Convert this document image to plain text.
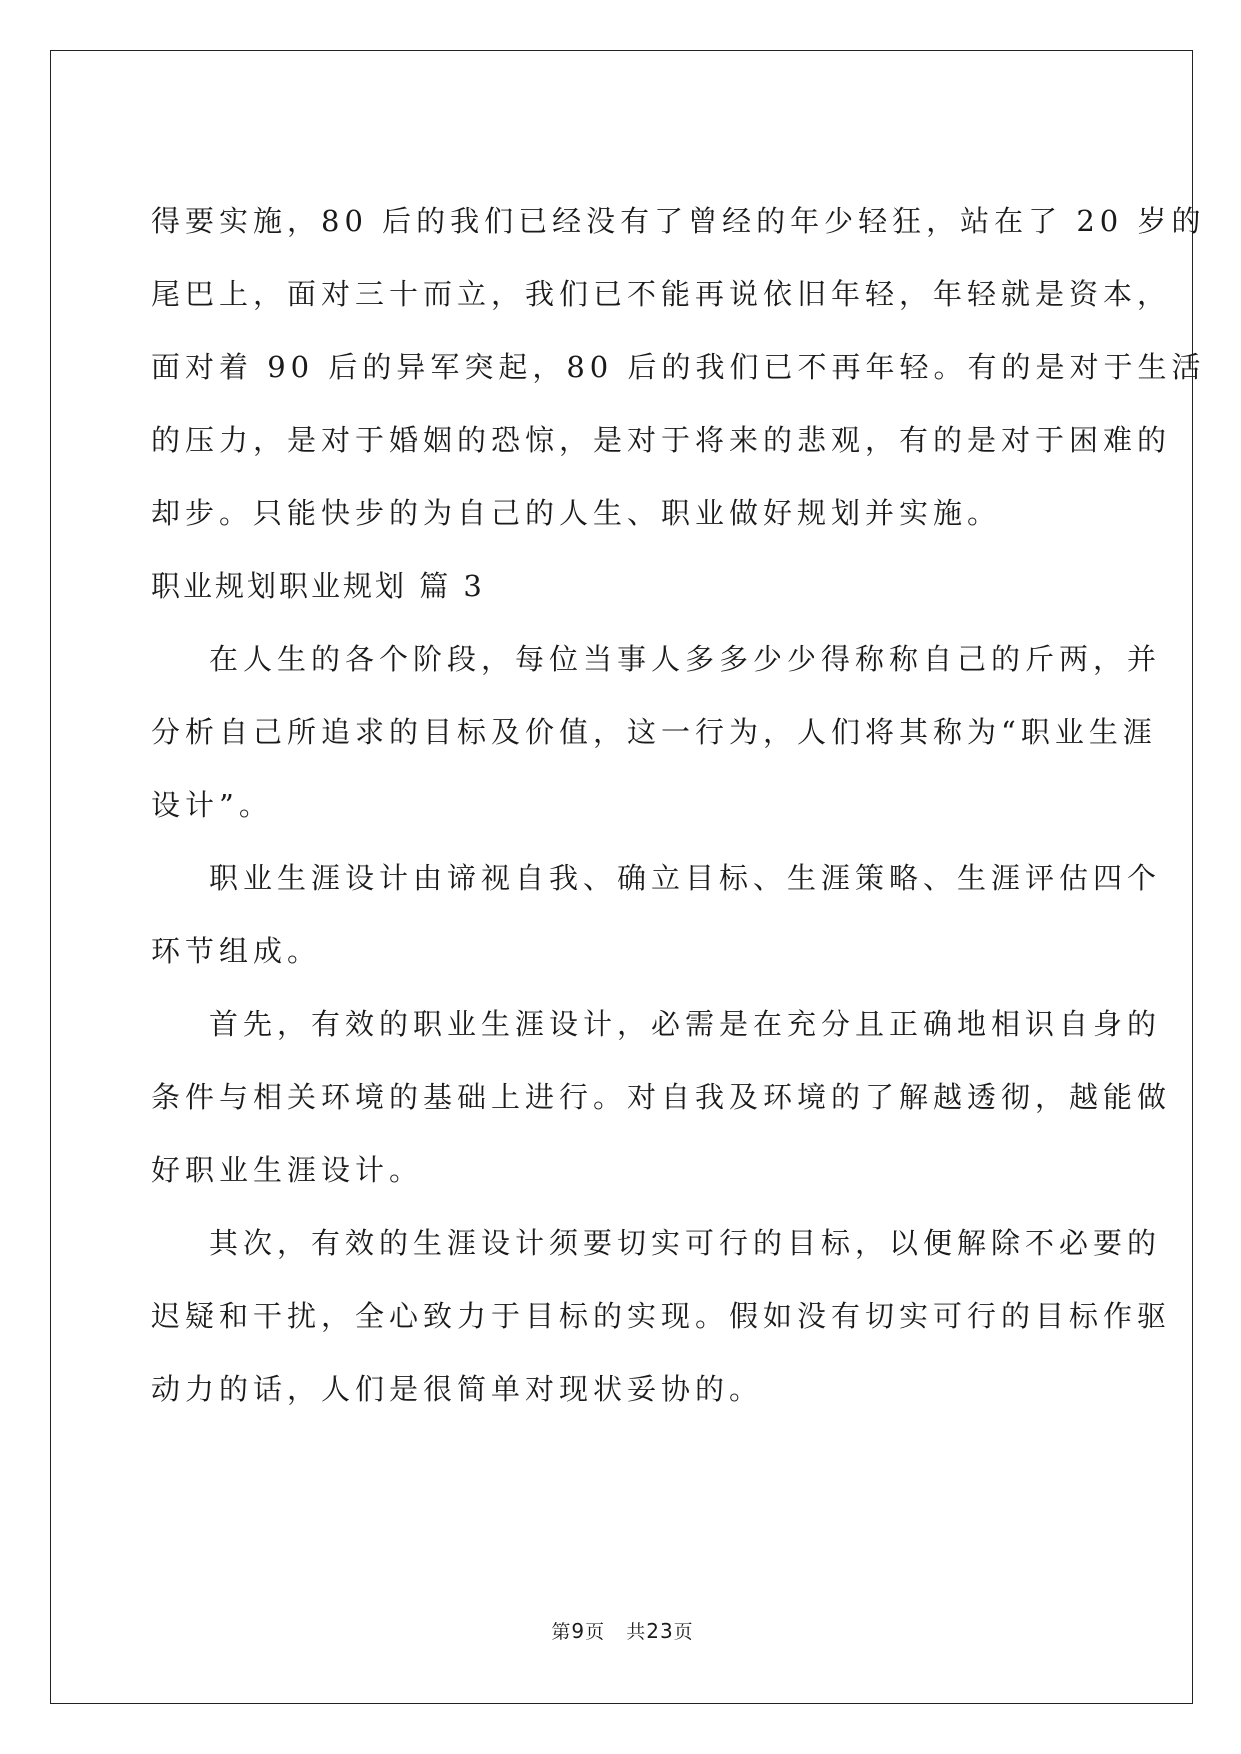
得要实施，80 后的我们已经没有了曾经的年少轻狂，站在了 20 岁的
尾巴上，面对三十而立，我们已不能再说依旧年轻，年轻就是资本，
面对着 90 后的异军突起，80 后的我们已不再年轻。有的是对于生活
的压力，是对于婚姻的恐惊，是对于将来的悲观，有的是对于困难的
却步。只能快步的为自己的人生、职业做好规划并实施。
职业规划职业规划 篇 3
在人生的各个阶段，每位当事人多多少少得称称自己的斤两，并
分析自己所追求的目标及价值，这一行为，人们将其称为“职业生涯
设计”。
职业生涯设计由谛视自我、确立目标、生涯策略、生涯评估四个
环节组成。
首先，有效的职业生涯设计，必需是在充分且正确地相识自身的
条件与相关环境的基础上进行。对自我及环境的了解越透彻，越能做
好职业生涯设计。
其次，有效的生涯设计须要切实可行的目标，以便解除不必要的
迟疑和干扰，全心致力于目标的实现。假如没有切实可行的目标作驱
动力的话，人们是很简单对现状妥协的。
第9页 共23页
